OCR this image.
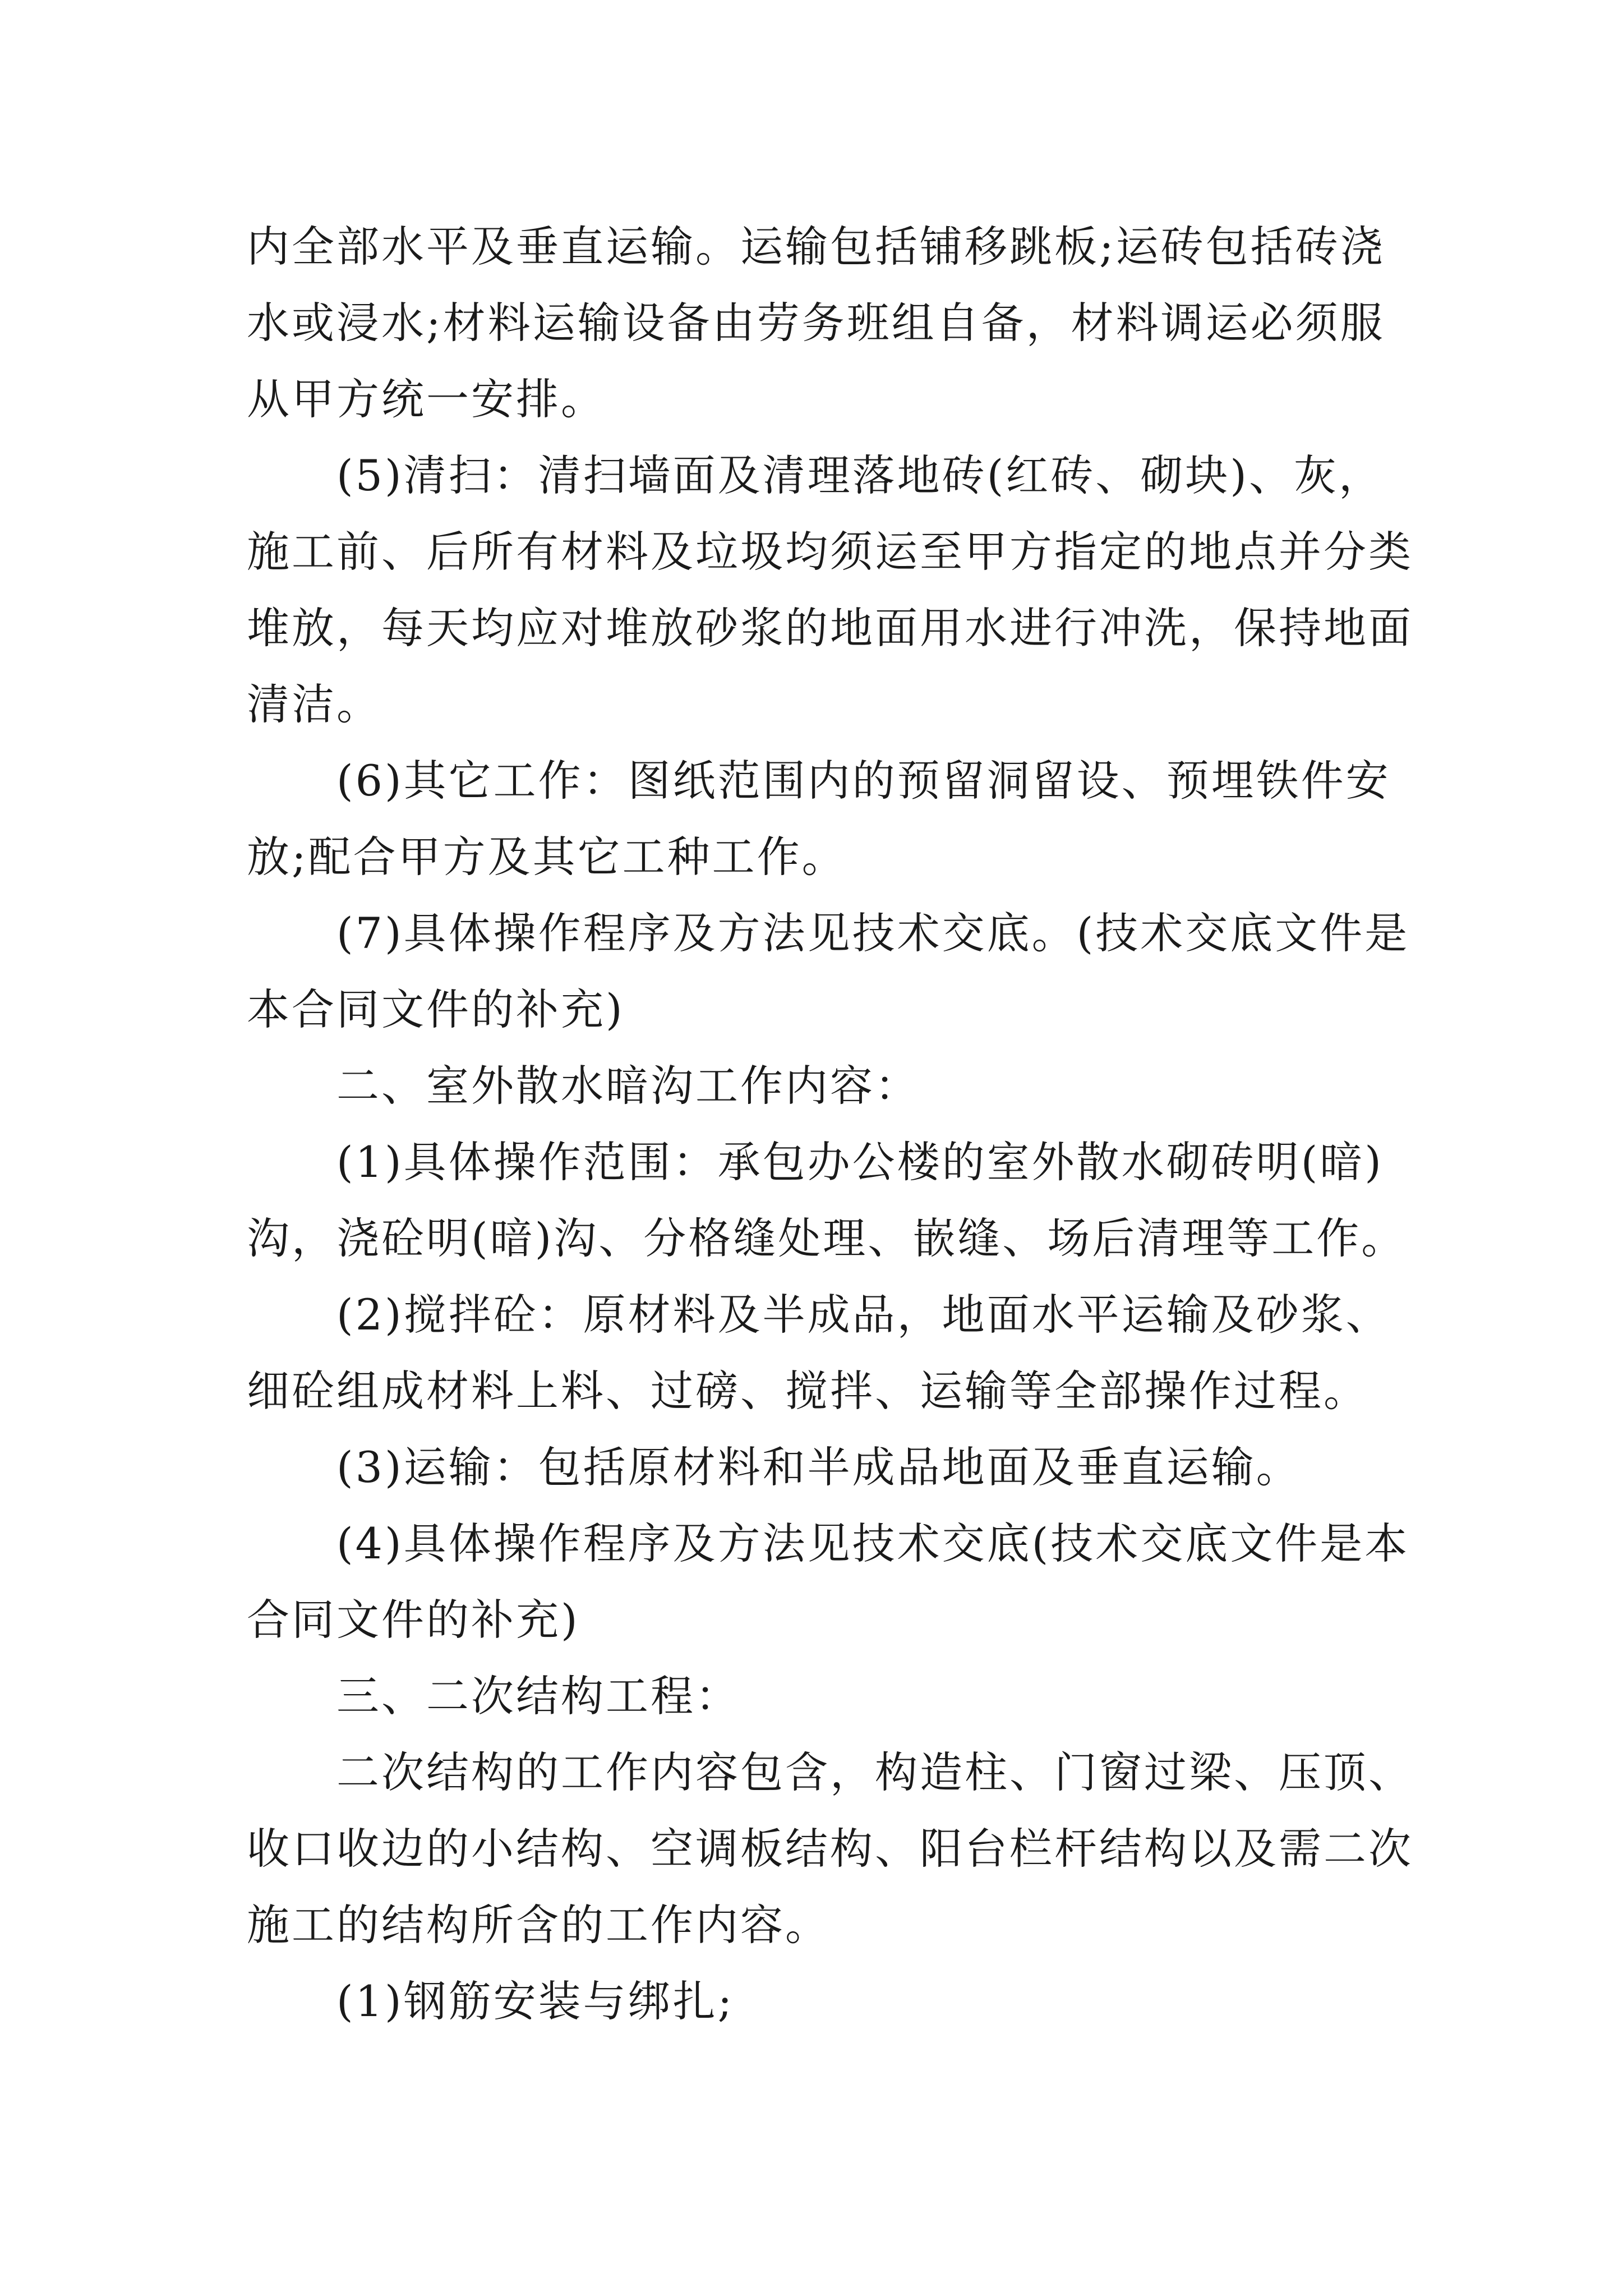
内全部水平及垂直运输。运输包括铺移跳板;运砖包括砖浇
水或浸水;材料运输设备由劳务班组自备，材料调运必须服
从甲方统一安排。
(5)清扫：清扫墙面及清理落地砖(红砖、砌块)、灰，
施工前、后所有材料及垃圾均须运至甲方指定的地点并分类
堆放，每天均应对堆放砂浆的地面用水进行冲洗，保持地面
清洁。
(6)其它工作：图纸范围内的预留洞留设、预埋铁件安
放;配合甲方及其它工种工作。
(7)具体操作程序及方法见技术交底。(技术交底文件是
本合同文件的补充)
二、室外散水暗沟工作内容：
(1)具体操作范围：承包办公楼的室外散水砌砖明(暗)
沟，浇砼明(暗)沟、分格缝处理、嵌缝、场后清理等工作。
(2)搅拌砼：原材料及半成品，地面水平运输及砂浆、
细砼组成材料上料、过磅、搅拌、运输等全部操作过程。
(3)运输：包括原材料和半成品地面及垂直运输。
(4)具体操作程序及方法见技术交底(技术交底文件是本
合同文件的补充)
三、二次结构工程：
二次结构的工作内容包含，构造柱、门窗过梁、压顶、
收口收边的小结构、空调板结构、阳台栏杆结构以及需二次
施工的结构所含的工作内容。
(1)钢筋安装与绑扎;
